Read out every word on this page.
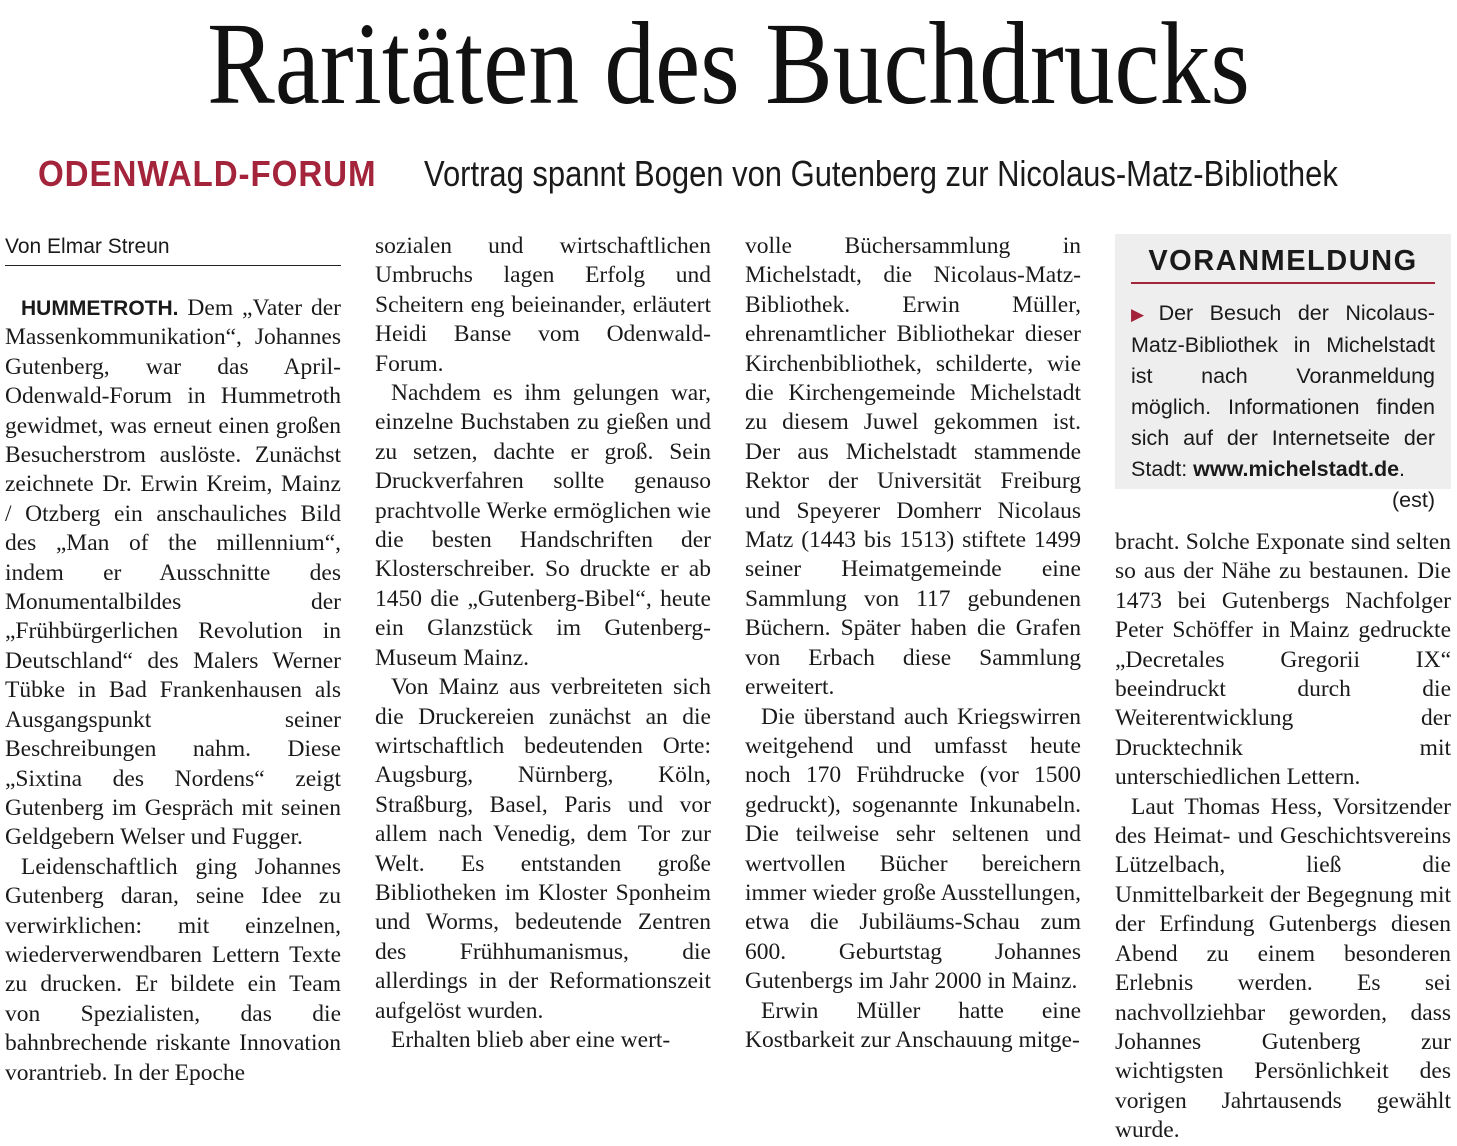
Raritäten des Buchdrucks
ODENWALD-FORUM Vortrag spannt Bogen von Gutenberg zur Nicolaus-Matz-Bibliothek
Von Elmar Streun

HUMMETROTH. Dem „Vater der Massenkommunikation“, Johannes Gutenberg, war das April-Odenwald-Forum in Hummetroth gewidmet, was erneut einen großen Besucherstrom auslöste. Zunächst zeichnete Dr. Erwin Kreim, Mainz / Otzberg ein anschauliches Bild des „Man of the millennium“, indem er Ausschnitte des Monumentalbildes der „Frühbürgerlichen Revolution in Deutschland“ des Malers Werner Tübke in Bad Frankenhausen als Ausgangspunkt seiner Beschreibungen nahm. Diese „Sixtina des Nordens“ zeigt Gutenberg im Gespräch mit seinen Geldgebern Welser und Fugger.

Leidenschaftlich ging Johannes Gutenberg daran, seine Idee zu verwirklichen: mit einzelnen, wiederverwendbaren Lettern Texte zu drucken. Er bildete ein Team von Spezialisten, das die bahnbrechende riskante Innovation vorantrieb. In der Epoche

sozialen und wirtschaftlichen Umbruchs lagen Erfolg und Scheitern eng beieinander, erläutert Heidi Banse vom Odenwald-Forum.

Nachdem es ihm gelungen war, einzelne Buchstaben zu gießen und zu setzen, dachte er groß. Sein Druckverfahren sollte genauso prachtvolle Werke ermöglichen wie die besten Handschriften der Klosterschreiber. So druckte er ab 1450 die „Gutenberg-Bibel“, heute ein Glanzstück im Gutenberg-Museum Mainz.

Von Mainz aus verbreiteten sich die Druckereien zunächst an die wirtschaftlich bedeutenden Orte: Augsburg, Nürnberg, Köln, Straßburg, Basel, Paris und vor allem nach Venedig, dem Tor zur Welt. Es entstanden große Bibliotheken im Kloster Sponheim und Worms, bedeutende Zentren des Frühhumanismus, die allerdings in der Reformationszeit aufgelöst wurden.

Erhalten blieb aber eine wert-

volle Büchersammlung in Michelstadt, die Nicolaus-Matz-Bibliothek. Erwin Müller, ehrenamtlicher Bibliothekar dieser Kirchenbibliothek, schilderte, wie die Kirchengemeinde Michelstadt zu diesem Juwel gekommen ist. Der aus Michelstadt stammende Rektor der Universität Freiburg und Speyerer Domherr Nicolaus Matz (1443 bis 1513) stiftete 1499 seiner Heimatgemeinde eine Sammlung von 117 gebundenen Büchern. Später haben die Grafen von Erbach diese Sammlung erweitert.

Die überstand auch Kriegswirren weitgehend und umfasst heute noch 170 Frühdrucke (vor 1500 gedruckt), sogenannte Inkunabeln. Die teilweise sehr seltenen und wertvollen Bücher bereichern immer wieder große Ausstellungen, etwa die Jubiläums-Schau zum 600. Geburtstag Johannes Gutenbergs im Jahr 2000 in Mainz.

Erwin Müller hatte eine Kostbarkeit zur Anschauung mitge-

VORANMELDUNG
▶ Der Besuch der Nicolaus-Matz-Bibliothek in Michelstadt ist nach Voranmeldung möglich. Informationen finden sich auf der Internetseite der Stadt: www.michelstadt.de.
(est)

bracht. Solche Exponate sind selten so aus der Nähe zu bestaunen. Die 1473 bei Gutenbergs Nachfolger Peter Schöffer in Mainz gedruckte „Decretales Gregorii IX“ beeindruckt durch die Weiterentwicklung der Drucktechnik mit unterschiedlichen Lettern.

Laut Thomas Hess, Vorsitzender des Heimat- und Geschichtsvereins Lützelbach, ließ die Unmittelbarkeit der Begegnung mit der Erfindung Gutenbergs diesen Abend zu einem besonderen Erlebnis werden. Es sei nachvollziehbar geworden, dass Johannes Gutenberg zur wichtigsten Persönlichkeit des vorigen Jahrtausends gewählt wurde.
